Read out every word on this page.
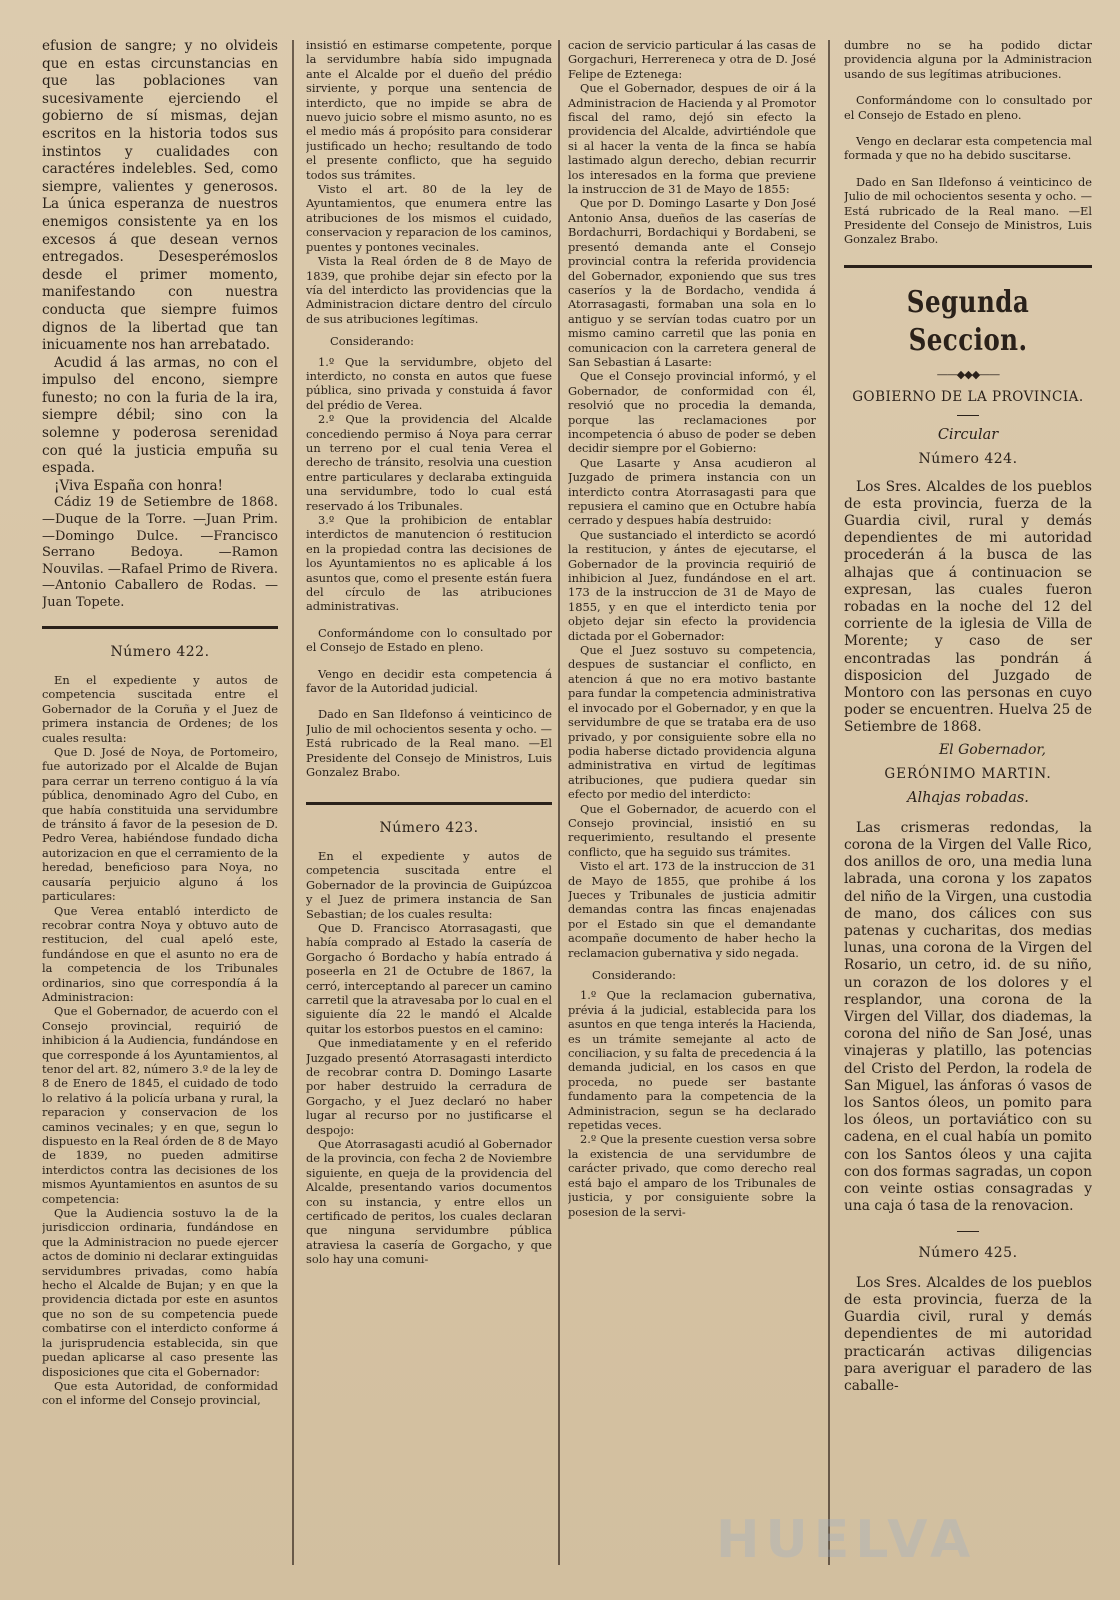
efusion de sangre; y no olvideis que en estas circunstancias en que las poblaciones van sucesivamente ejerciendo el gobierno de sí mismas, dejan escritos en la historia todos sus instintos y cualidades con caractéres indelebles. Sed, como siempre, valientes y generosos. La única esperanza de nuestros enemigos consistente ya en los excesos á que desean vernos entregados. Desesperémoslos desde el primer momento, manifestando con nuestra conducta que siempre fuimos dignos de la libertad que tan inicuamente nos han arrebatado.

Acudid á las armas, no con el impulso del encono, siempre funesto; no con la furia de la ira, siempre débil; sino con la solemne y poderosa serenidad con qué la justicia empuña su espada.

¡Viva España con honra!

Cádiz 19 de Setiembre de 1868. —Duque de la Torre. —Juan Prim. —Domingo Dulce. —Francisco Serrano Bedoya. —Ramon Nouvilas. —Rafael Primo de Rivera. —Antonio Caballero de Rodas. —Juan Topete.

Número 422.

En el expediente y autos de competencia suscitada entre el Gobernador de la Coruña y el Juez de primera instancia de Ordenes; de los cuales resulta:

Que D. José de Noya, de Portomeiro, fue autorizado por el Alcalde de Bujan para cerrar un terreno contiguo á la vía pública, denominado Agro del Cubo, en que había constituida una servidumbre de tránsito á favor de la pesesion de D. Pedro Verea, habiéndose fundado dicha autorizacion en que el cerramiento de la heredad, beneficioso para Noya, no causaría perjuicio alguno á los particulares:

Que Verea entabló interdicto de recobrar contra Noya y obtuvo auto de restitucion, del cual apeló este, fundándose en que el asunto no era de la competencia de los Tribunales ordinarios, sino que correspondía á la Administracion:

Que el Gobernador, de acuerdo con el Consejo provincial, requirió de inhibicion á la Audiencia, fundándose en que corresponde á los Ayuntamientos, al tenor del art. 82, número 3.º de la ley de 8 de Enero de 1845, el cuidado de todo lo relativo á la policía urbana y rural, la reparacion y conservacion de los caminos vecinales; y en que, segun lo dispuesto en la Real órden de 8 de Mayo de 1839, no pueden admitirse interdictos contra las decisiones de los mismos Ayuntamientos en asuntos de su competencia:

Que la Audiencia sostuvo la de la jurisdiccion ordinaria, fundándose en que la Administracion no puede ejercer actos de dominio ni declarar extinguidas servidumbres privadas, como había hecho el Alcalde de Bujan; y en que la providencia dictada por este en asuntos que no son de su competencia puede combatirse con el interdicto conforme á la jurisprudencia establecida, sin que puedan aplicarse al caso presente las disposiciones que cita el Gobernador:

Que esta Autoridad, de conformidad con el informe del Consejo provincial,

insistió en estimarse competente, porque la servidumbre había sido impugnada ante el Alcalde por el dueño del prédio sirviente, y porque una sentencia de interdicto, que no impide se abra de nuevo juicio sobre el mismo asunto, no es el medio más á propósito para considerar justificado un hecho; resultando de todo el presente conflicto, que ha seguido todos sus trámites.

Visto el art. 80 de la ley de Ayuntamientos, que enumera entre las atribuciones de los mismos el cuidado, conservacion y reparacion de los caminos, puentes y pontones vecinales.

Vista la Real órden de 8 de Mayo de 1839, que prohibe dejar sin efecto por la vía del interdicto las providencias que la Administracion dictare dentro del círculo de sus atribuciones legítimas.

Considerando:

1.º Que la servidumbre, objeto del interdicto, no consta en autos que fuese pública, sino privada y constuida á favor del prédio de Verea.

2.º Que la providencia del Alcalde concediendo permiso á Noya para cerrar un terreno por el cual tenia Verea el derecho de tránsito, resolvia una cuestion entre particulares y declaraba extinguida una servidumbre, todo lo cual está reservado á los Tribunales.

3.º Que la prohibicion de entablar interdictos de manutencion ó restitucion en la propiedad contra las decisiones de los Ayuntamientos no es aplicable á los asuntos que, como el presente están fuera del círculo de las atribuciones administrativas.

Conformándome con lo consultado por el Consejo de Estado en pleno.

Vengo en decidir esta competencia á favor de la Autoridad judicial.

Dado en San Ildefonso á veinticinco de Julio de mil ochocientos sesenta y ocho. —Está rubricado de la Real mano. —El Presidente del Consejo de Ministros, Luis Gonzalez Brabo.

Número 423.

En el expediente y autos de competencia suscitada entre el Gobernador de la provincia de Guipúzcoa y el Juez de primera instancia de San Sebastian; de los cuales resulta:

Que D. Francisco Atorrasagasti, que había comprado al Estado la casería de Gorgacho ó Bordacho y había entrado á poseerla en 21 de Octubre de 1867, la cerró, interceptando al parecer un camino carretil que la atravesaba por lo cual en el siguiente día 22 le mandó el Alcalde quitar los estorbos puestos en el camino:

Que inmediatamente y en el referido Juzgado presentó Atorrasagasti interdicto de recobrar contra D. Domingo Lasarte por haber destruido la cerradura de Gorgacho, y el Juez declaró no haber lugar al recurso por no justificarse el despojo:

Que Atorrasagasti acudió al Gobernador de la provincia, con fecha 2 de Noviembre siguiente, en queja de la providencia del Alcalde, presentando varios documentos con su instancia, y entre ellos un certificado de peritos, los cuales declaran que ninguna servidumbre pública atraviesa la casería de Gorgacho, y que solo hay una comuni-

cacion de servicio particular á las casas de Gorgachuri, Herrereneca y otra de D. José Felipe de Eztenega:

Que el Gobernador, despues de oir á la Administracion de Hacienda y al Promotor fiscal del ramo, dejó sin efecto la providencia del Alcalde, advirtiéndole que si al hacer la venta de la finca se había lastimado algun derecho, debian recurrir los interesados en la forma que previene la instruccion de 31 de Mayo de 1855:

Que por D. Domingo Lasarte y Don José Antonio Ansa, dueños de las caserías de Bordachurri, Bordachiqui y Bordabeni, se presentó demanda ante el Consejo provincial contra la referida providencia del Gobernador, exponiendo que sus tres caseríos y la de Bordacho, vendida á Atorrasagasti, formaban una sola en lo antiguo y se servían todas cuatro por un mismo camino carretil que las ponia en comunicacion con la carretera general de San Sebastian á Lasarte:

Que el Consejo provincial informó, y el Gobernador, de conformidad con él, resolvió que no procedia la demanda, porque las reclamaciones por incompetencia ó abuso de poder se deben decidir siempre por el Gobierno:

Que Lasarte y Ansa acudieron al Juzgado de primera instancia con un interdicto contra Atorrasagasti para que repusiera el camino que en Octubre había cerrado y despues había destruido:

Que sustanciado el interdicto se acordó la restitucion, y ántes de ejecutarse, el Gobernador de la provincia requirió de inhibicion al Juez, fundándose en el art. 173 de la instruccion de 31 de Mayo de 1855, y en que el interdicto tenia por objeto dejar sin efecto la providencia dictada por el Gobernador:

Que el Juez sostuvo su competencia, despues de sustanciar el conflicto, en atencion á que no era motivo bastante para fundar la competencia administrativa el invocado por el Gobernador, y en que la servidumbre de que se trataba era de uso privado, y por consiguiente sobre ella no podia haberse dictado providencia alguna administrativa en virtud de legítimas atribuciones, que pudiera quedar sin efecto por medio del interdicto:

Que el Gobernador, de acuerdo con el Consejo provincial, insistió en su requerimiento, resultando el presente conflicto, que ha seguido sus trámites.

Visto el art. 173 de la instruccion de 31 de Mayo de 1855, que prohibe á los Jueces y Tribunales de justicia admitir demandas contra las fincas enajenadas por el Estado sin que el demandante acompañe documento de haber hecho la reclamacion gubernativa y sido negada.

Considerando:

1.º Que la reclamacion gubernativa, prévia á la judicial, establecida para los asuntos en que tenga interés la Hacienda, es un trámite semejante al acto de conciliacion, y su falta de precedencia á la demanda judicial, en los casos en que proceda, no puede ser bastante fundamento para la competencia de la Administracion, segun se ha declarado repetidas veces.

2.º Que la presente cuestion versa sobre la existencia de una servidumbre de carácter privado, que como derecho real está bajo el amparo de los Tribunales de justicia, y por consiguiente sobre la posesion de la servi-

dumbre no se ha podido dictar providencia alguna por la Administracion usando de sus legítimas atribuciones.

Conformándome con lo consultado por el Consejo de Estado en pleno.

Vengo en declarar esta competencia mal formada y que no ha debido suscitarse.

Dado en San Ildefonso á veinticinco de Julio de mil ochocientos sesenta y ocho. —Está rubricado de la Real mano. —El Presidente del Consejo de Ministros, Luis Gonzalez Brabo.

Segunda Seccion.
——◆◆◆——
GOBIERNO DE LA PROVINCIA.
Circular
Número 424.

Los Sres. Alcaldes de los pueblos de esta provincia, fuerza de la Guardia civil, rural y demás dependientes de mi autoridad procederán á la busca de las alhajas que á continuacion se expresan, las cuales fueron robadas en la noche del 12 del corriente de la iglesia de Villa de Morente; y caso de ser encontradas las pondrán á disposicion del Juzgado de Montoro con las personas en cuyo poder se encuentren. Huelva 25 de Setiembre de 1868.

El Gobernador,
GERÓNIMO MARTIN.
Alhajas robadas.

Las crismeras redondas, la corona de la Virgen del Valle Rico, dos anillos de oro, una media luna labrada, una corona y los zapatos del niño de la Virgen, una custodia de mano, dos cálices con sus patenas y cucharitas, dos medias lunas, una corona de la Virgen del Rosario, un cetro, id. de su niño, un corazon de los dolores y el resplandor, una corona de la Virgen del Villar, dos diademas, la corona del niño de San José, unas vinajeras y platillo, las potencias del Cristo del Perdon, la rodela de San Miguel, las ánforas ó vasos de los Santos óleos, un pomito para los óleos, un portaviático con su cadena, en el cual había un pomito con los Santos óleos y una cajita con dos formas sagradas, un copon con veinte ostias consagradas y una caja ó tasa de la renovacion.

Número 425.

Los Sres. Alcaldes de los pueblos de esta provincia, fuerza de la Guardia civil, rural y demás dependientes de mi autoridad practicarán activas diligencias para averiguar el paradero de las caballe-

HUELVA
